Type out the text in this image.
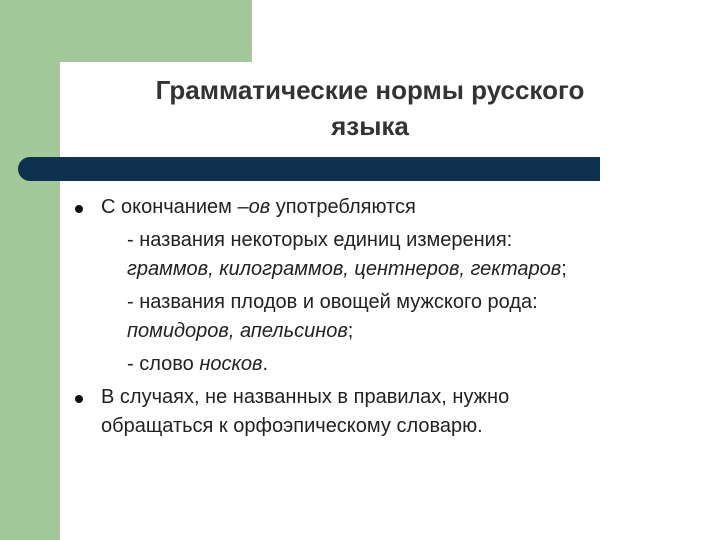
Грамматические нормы русского
языка
С окончанием –ов употребляются
- названия некоторых единиц измерения:
граммов, килограммов, центнеров, гектаров;
- названия плодов и овощей мужского рода:
помидоров, апельсинов;
- слово носков.
В случаях, не названных в правилах, нужно
обращаться к орфоэпическому словарю.
